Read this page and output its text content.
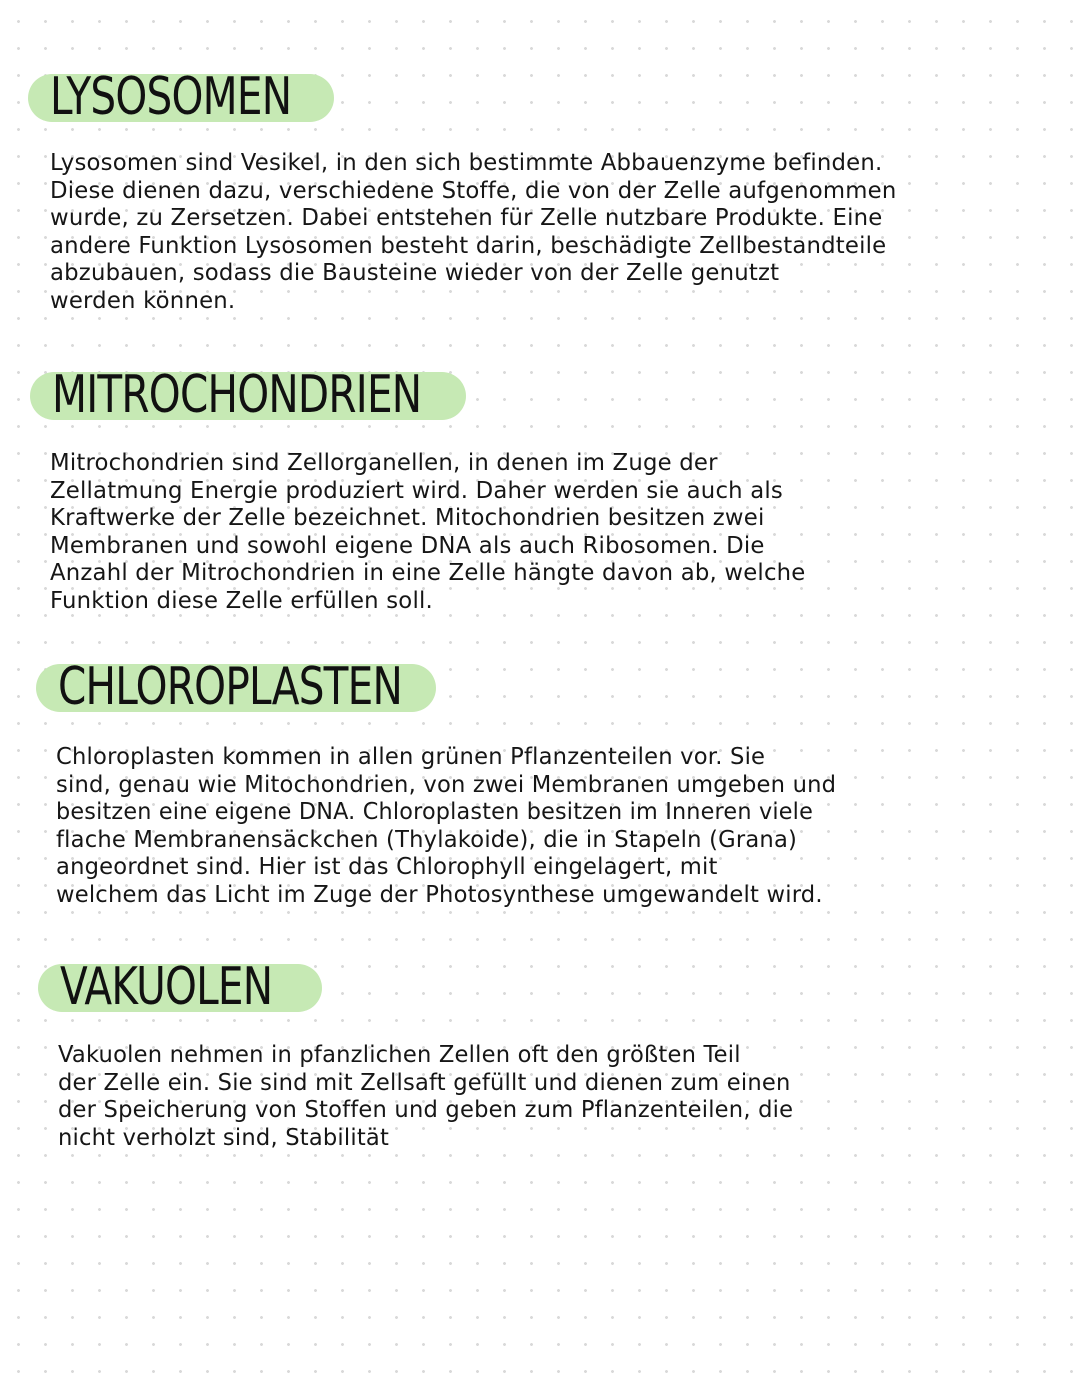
LYSOSOMEN

Lysosomen sind Vesikel, in den sich bestimmte Abbauenzyme befinden.
Diese dienen dazu, verschiedene Stoffe, die von der Zelle aufgenommen
wurde, zu Zersetzen. Dabei entstehen für Zelle nutzbare Produkte. Eine
andere Funktion Lysosomen besteht darin, beschädigte Zellbestandteile
abzubauen, sodass die Bausteine wieder von der Zelle genutzt
werden können.

MITROCHONDRIEN

Mitrochondrien sind Zellorganellen, in denen im Zuge der
Zellatmung Energie produziert wird. Daher werden sie auch als
Kraftwerke der Zelle bezeichnet. Mitochondrien besitzen zwei
Membranen und sowohl eigene DNA als auch Ribosomen. Die
Anzahl der Mitrochondrien in eine Zelle hängte davon ab, welche
Funktion diese Zelle erfüllen soll.

CHLOROPLASTEN

Chloroplasten kommen in allen grünen Pflanzenteilen vor. Sie
sind, genau wie Mitochondrien, von zwei Membranen umgeben und
besitzen eine eigene DNA. Chloroplasten besitzen im Inneren viele
flache Membranensäckchen (Thylakoide), die in Stapeln (Grana)
angeordnet sind. Hier ist das Chlorophyll eingelagert, mit
welchem das Licht im Zuge der Photosynthese umgewandelt wird.

VAKUOLEN

Vakuolen nehmen in pfanzlichen Zellen oft den größten Teil
der Zelle ein. Sie sind mit Zellsaft gefüllt und dienen zum einen
der Speicherung von Stoffen und geben zum Pflanzenteilen, die
nicht verholzt sind, Stabilität
